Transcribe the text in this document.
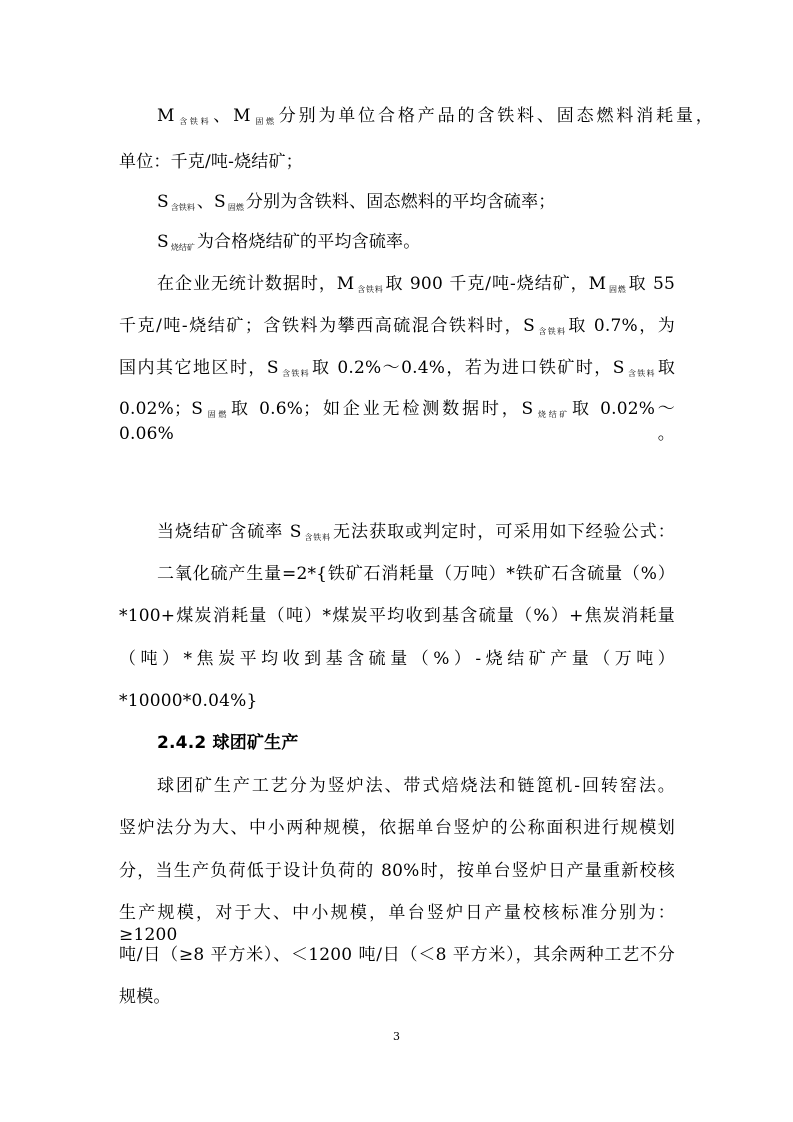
M含铁料 、M 固燃 分别为单位合格产品的含铁料、固态燃料消耗量，
单位：千克/吨-烧结矿；
S含铁料 、S 固燃 分别为含铁料、固态燃料的平均含硫率；
S烧结矿 为合格烧结矿的平均含硫率。
在企业无统计数据时，M 含铁料 取 900 千克/吨-烧结矿，M 固燃 取 55
千克/吨-烧结矿；含铁料为攀西高硫混合铁料时，S 含铁料 取 0.7%，为
国内其它地区时，S 含铁料 取 0.2%～0.4%，若为进口铁矿时，S 含铁料 取
0.02%；S 固燃 取 0.6%；如企业无检测数据时，S 烧结矿 取 0.02%～0.06%。
当烧结矿含硫率 S 含铁料 无法获取或判定时，可采用如下经验公式：
二氧化硫产生量=2*{铁矿石消耗量（万吨）*铁矿石含硫量（%）
*100+煤炭消耗量（吨）*煤炭平均收到基含硫量（%）+焦炭消耗量
（吨）*焦炭平均收到基含硫量（%）-烧结矿产量（万吨）
*10000*0.04%}
2.4.2 球团矿生产
球团矿生产工艺分为竖炉法、带式焙烧法和链箆机-回转窑法。
竖炉法分为大、中小两种规模，依据单台竖炉的公称面积进行规模划
分，当生产负荷低于设计负荷的 80%时，按单台竖炉日产量重新校核
生产规模，对于大、中小规模，单台竖炉日产量校核标准分别为：≥1200
吨/日（≥8 平方米）、＜1200 吨/日（＜8 平方米），其余两种工艺不分
规模。
3
